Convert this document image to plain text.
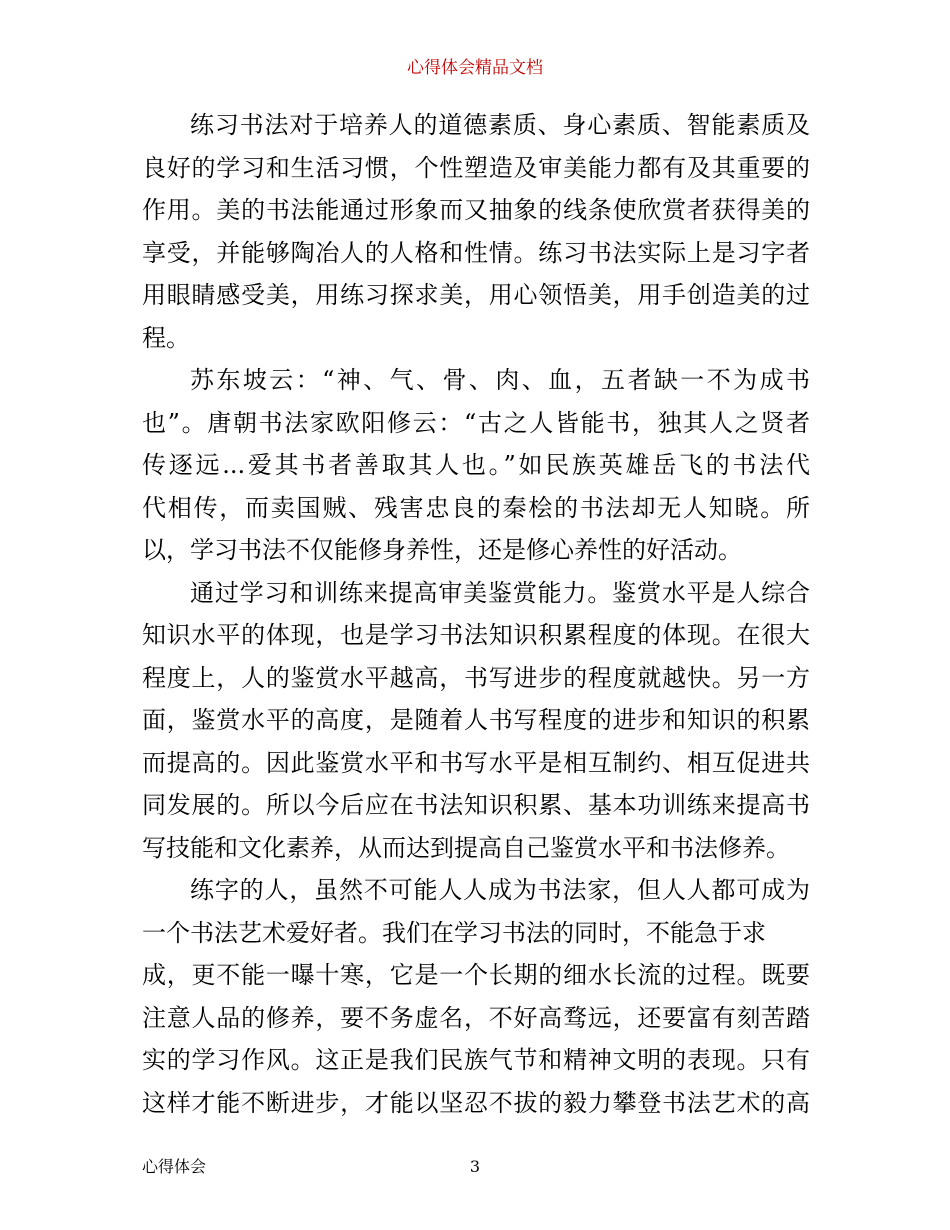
心得体会精品文档
练习书法对于培养人的道德素质、身心素质、智能素质及
良好的学习和生活习惯，个性塑造及审美能力都有及其重要的
作用。美的书法能通过形象而又抽象的线条使欣赏者获得美的
享受，并能够陶冶人的人格和性情。练习书法实际上是习字者
用眼睛感受美，用练习探求美，用心领悟美，用手创造美的过
程。
苏东坡云：“神、气、骨、肉、血，五者缺一不为成书
也”。唐朝书法家欧阳修云：“古之人皆能书，独其人之贤者
传逐远...爱其书者善取其人也。”如民族英雄岳飞的书法代
代相传，而卖国贼、残害忠良的秦桧的书法却无人知晓。所
以，学习书法不仅能修身养性，还是修心养性的好活动。
通过学习和训练来提高审美鉴赏能力。鉴赏水平是人综合
知识水平的体现，也是学习书法知识积累程度的体现。在很大
程度上，人的鉴赏水平越高，书写进步的程度就越快。另一方
面，鉴赏水平的高度，是随着人书写程度的进步和知识的积累
而提高的。因此鉴赏水平和书写水平是相互制约、相互促进共
同发展的。所以今后应在书法知识积累、基本功训练来提高书
写技能和文化素养，从而达到提高自己鉴赏水平和书法修养。
练字的人，虽然不可能人人成为书法家，但人人都可成为
一个书法艺术爱好者。我们在学习书法的同时，不能急于求
成，更不能一曝十寒，它是一个长期的细水长流的过程。既要
注意人品的修养，要不务虚名，不好高骛远，还要富有刻苦踏
实的学习作风。这正是我们民族气节和精神文明的表现。只有
这样才能不断进步，才能以坚忍不拔的毅力攀登书法艺术的高
心得体会	3
